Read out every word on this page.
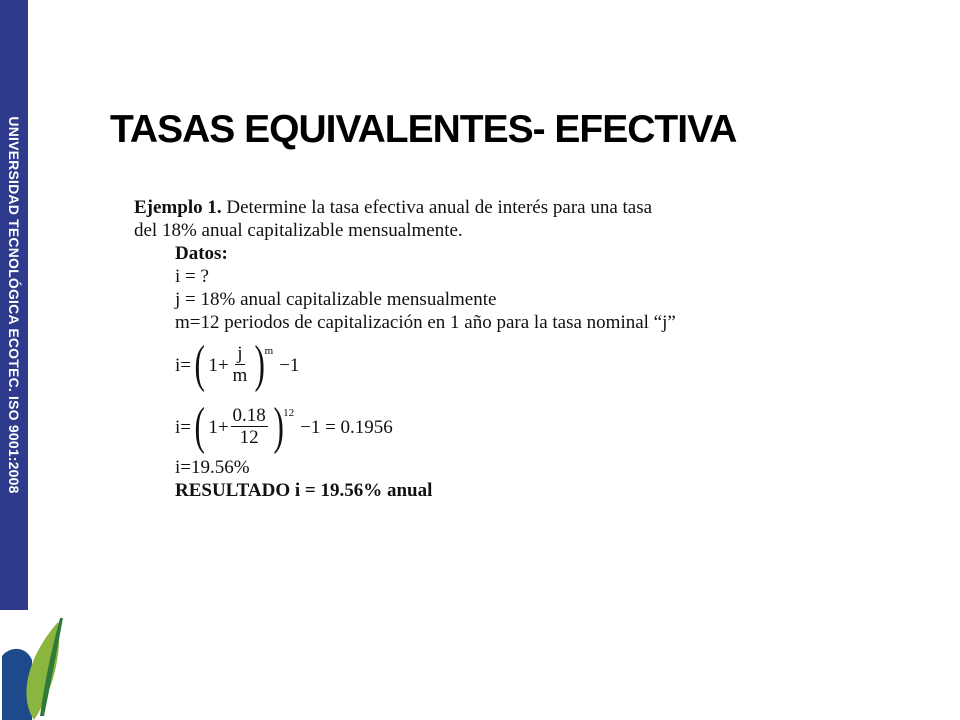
UNIVERSIDAD TECNOLÓGICA ECOTEC. ISO 9001:2008 TASAS EQUIVALENTES- EFECTIVA
Ejemplo 1. Determine la tasa efectiva anual de interés para una tasa
del 18% anual capitalizable mensualmente.
Datos:
i = ?
j = 18% anual capitalizable mensualmente
m=12 periodos de capitalización en 1 año para la tasa nominal “j”
i= ( $1+ \frac{j}{m}$ ) m
−1
i= ( $1+ \frac{0.18}{12}$ ) 12
−1 = 0.1956
i=19.56%
RESULTADO i = 19.56% anual
